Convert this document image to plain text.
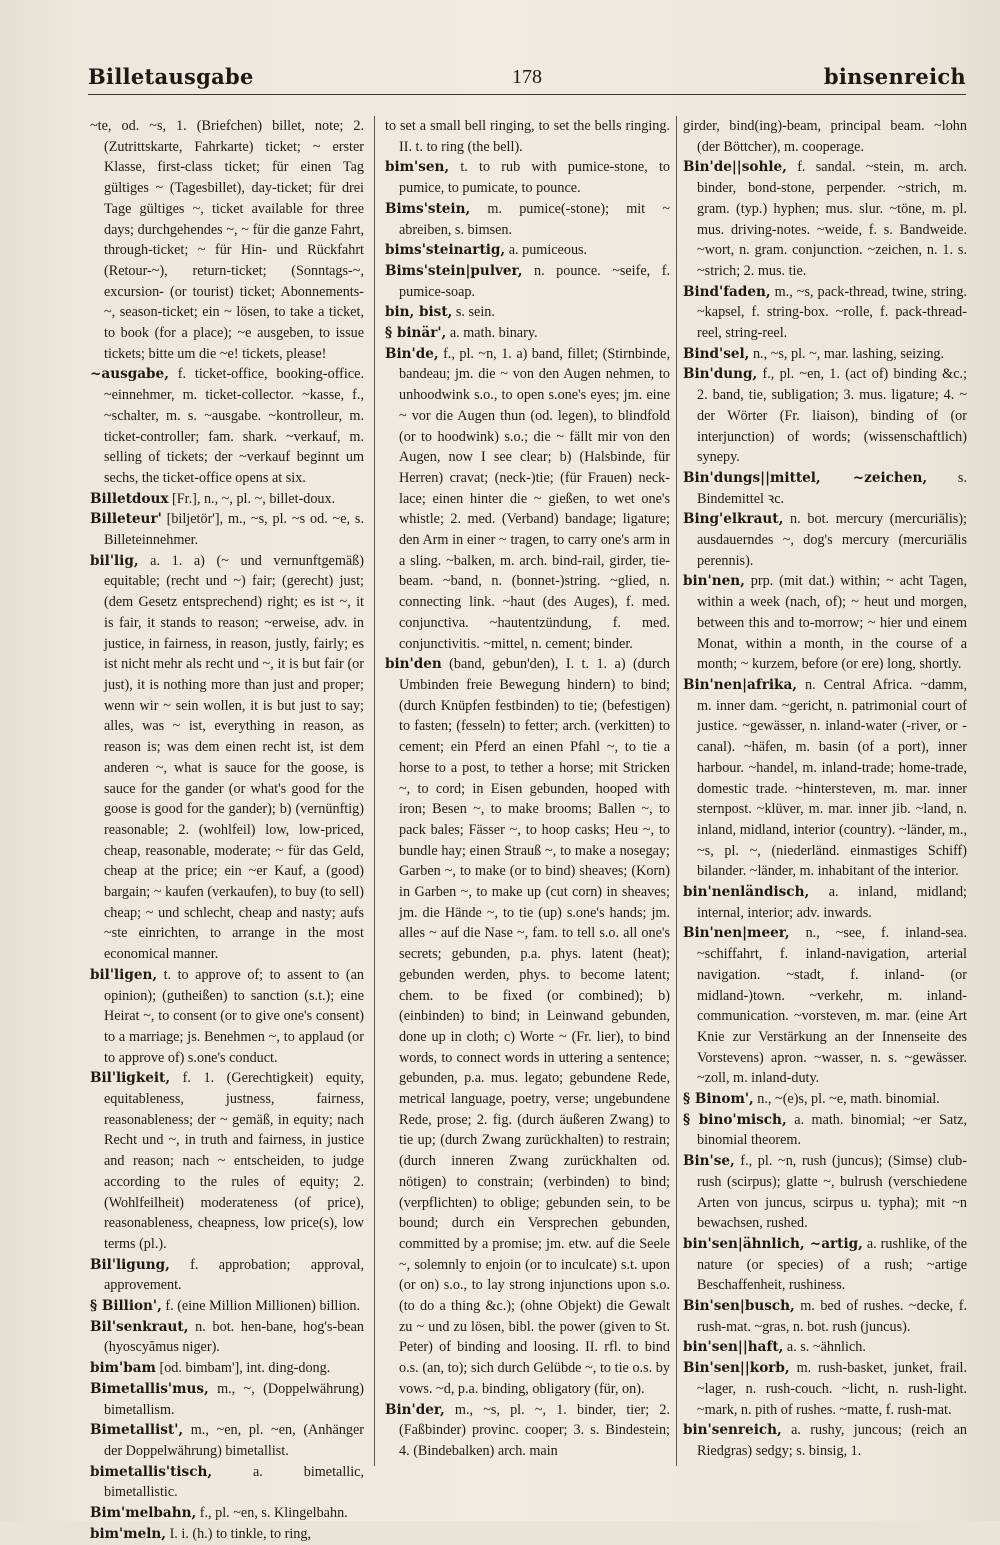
Billetausgabe	178	binsenreich

~te, od. ~s, 1. (Briefchen) billet, note; 2. (Zutrittskarte, Fahrkarte) ticket; ~ erster Klasse, first-class ticket; für einen Tag gültiges ~ (Tagesbillet), day-ticket; für drei Tage gültiges ~, ticket available for three days; durchgehendes ~, ~ für die ganze Fahrt, through-ticket; ~ für Hin- und Rückfahrt (Retour-~), return-ticket; (Sonntags-~, excursion- (or tourist) ticket; Abonnements-~, season-ticket; ein ~ lösen, to take a ticket, to book (for a place); ~e ausgeben, to issue tickets; bitte um die ~e! tickets, please!

~ausgabe, f. ticket-office, booking-office. ~einnehmer, m. ticket-collector. ~kasse, f., ~schalter, m. s. ~ausgabe. ~kontrolleur, m. ticket-controller; fam. shark. ~verkauf, m. selling of tickets; der ~verkauf beginnt um sechs, the ticket-office opens at six.

Billetdoux [Fr.], n., ~, pl. ~, billet-doux.

Billeteur' [biljetör'], m., ~s, pl. ~s od. ~e, s. Billeteinnehmer.

bil'lig, a. 1. a) (~ und vernunftgemäß) equitable; (recht und ~) fair; (gerecht) just; (dem Gesetz entsprechend) right; es ist ~, it is fair, it stands to reason; ~erweise, adv. in justice, in fairness, in reason, justly, fairly; es ist nicht mehr als recht und ~, it is but fair (or just), it is nothing more than just and proper; wenn wir ~ sein wollen, it is but just to say; alles, was ~ ist, everything in reason, as reason is; was dem einen recht ist, ist dem anderen ~, what is sauce for the goose, is sauce for the gander (or what's good for the goose is good for the gander); b) (vernünftig) reasonable; 2. (wohlfeil) low, low-priced, cheap, reasonable, moderate; ~ für das Geld, cheap at the price; ein ~er Kauf, a (good) bargain; ~ kaufen (verkaufen), to buy (to sell) cheap; ~ und schlecht, cheap and nasty; aufs ~ste einrichten, to arrange in the most economical manner.

bil'ligen, t. to approve of; to assent to (an opinion); (gutheißen) to sanction (s.t.); eine Heirat ~, to consent (or to give one's consent) to a marriage; js. Benehmen ~, to applaud (or to approve of) s.one's conduct.

Bil'ligkeit, f. 1. (Gerechtigkeit) equity, equitableness, justness, fairness, reasonableness; der ~ gemäß, in equity; nach Recht und ~, in truth and fairness, in justice and reason; nach ~ entscheiden, to judge according to the rules of equity; 2. (Wohlfeilheit) moderateness (of price), reasonableness, cheapness, low price(s), low terms (pl.).

Bil'ligung, f. approbation; approval, approvement.

§ Billion', f. (eine Million Millionen) billion.

Bil'senkraut, n. bot. hen-bane, hog's-bean (hyoscyămus niger).

bim'bam [od. bimbam'], int. ding-dong.

Bimetallis'mus, m., ~, (Doppelwährung) bimetallism.

Bimetallist', m., ~en, pl. ~en, (Anhänger der Doppelwährung) bimetallist.

bimetallis'tisch, a. bimetallic, bimetallistic.

Bim'melbahn, f., pl. ~en, s. Klingelbahn.

bim'meln, I. i. (h.) to tinkle, to ring,

to set a small bell ringing, to set the bells ringing. II. t. to ring (the bell).

bim'sen, t. to rub with pumice-stone, to pumice, to pumicate, to pounce.

Bims'stein, m. pumice(-stone); mit ~ abreiben, s. bimsen.

bims'steinartig, a. pumiceous.

Bims'stein|pulver, n. pounce. ~seife, f. pumice-soap.

bin, bist, s. sein.

§ binär', a. math. binary.

Bin'de, f., pl. ~n, 1. a) band, fillet; (Stirnbinde, bandeau; jm. die ~ von den Augen nehmen, to unhoodwink s.o., to open s.one's eyes; jm. eine ~ vor die Augen thun (od. legen), to blindfold (or to hoodwink) s.o.; die ~ fällt mir von den Augen, now I see clear; b) (Halsbinde, für Herren) cravat; (neck-)tie; (für Frauen) neck-lace; einen hinter die ~ gießen, to wet one's whistle; 2. med. (Verband) bandage; ligature; den Arm in einer ~ tragen, to carry one's arm in a sling. ~balken, m. arch. bind-rail, girder, tie-beam. ~band, n. (bonnet-)string. ~glied, n. connecting link. ~haut (des Auges), f. med. conjunctiva. ~hautentzündung, f. med. conjunctivitis. ~mittel, n. cement; binder.

bin'den (band, gebun'den), I. t. 1. a) (durch Umbinden freie Bewegung hindern) to bind; (durch Knüpfen festbinden) to tie; (befestigen) to fasten; (fesseln) to fetter; arch. (verkitten) to cement; ein Pferd an einen Pfahl ~, to tie a horse to a post, to tether a horse; mit Stricken ~, to cord; in Eisen gebunden, hooped with iron; Besen ~, to make brooms; Ballen ~, to pack bales; Fässer ~, to hoop casks; Heu ~, to bundle hay; einen Strauß ~, to make a nosegay; Garben ~, to make (or to bind) sheaves; (Korn) in Garben ~, to make up (cut corn) in sheaves; jm. die Hände ~, to tie (up) s.one's hands; jm. alles ~ auf die Nase ~, fam. to tell s.o. all one's secrets; gebunden, p.a. phys. latent (heat); gebunden werden, phys. to become latent; chem. to be fixed (or combined); b) (einbinden) to bind; in Leinwand gebunden, done up in cloth; c) Worte ~ (Fr. lier), to bind words, to connect words in uttering a sentence; gebunden, p.a. mus. legato; gebundene Rede, metrical language, poetry, verse; ungebundene Rede, prose; 2. fig. (durch äußeren Zwang) to tie up; (durch Zwang zurückhalten) to restrain; (durch inneren Zwang zurückhalten od. nötigen) to constrain; (verbinden) to bind; (verpflichten) to oblige; gebunden sein, to be bound; durch ein Versprechen gebunden, committed by a promise; jm. etw. auf die Seele ~, solemnly to enjoin (or to inculcate) s.t. upon (or on) s.o., to lay strong injunctions upon s.o. (to do a thing &c.); (ohne Objekt) die Gewalt zu ~ und zu lösen, bibl. the power (given to St. Peter) of binding and loosing. II. rfl. to bind o.s. (an, to); sich durch Gelübde ~, to tie o.s. by vows. ~d, p.a. binding, obligatory (für, on).

Bin'der, m., ~s, pl. ~, 1. binder, tier; 2. (Faßbinder) provinc. cooper; 3. s. Bindestein; 4. (Bindebalken) arch. main

girder, bind(ing)-beam, principal beam. ~lohn (der Böttcher), m. cooperage.

Bin'de||sohle, f. sandal. ~stein, m. arch. binder, bond-stone, perpender. ~strich, m. gram. (typ.) hyphen; mus. slur. ~töne, m. pl. mus. driving-notes. ~weide, f. s. Bandweide. ~wort, n. gram. conjunction. ~zeichen, n. 1. s. ~strich; 2. mus. tie.

Bind'faden, m., ~s, pack-thread, twine, string. ~kapsel, f. string-box. ~rolle, f. pack-thread-reel, string-reel.

Bind'sel, n., ~s, pl. ~, mar. lashing, seizing.

Bin'dung, f., pl. ~en, 1. (act of) binding &c.; 2. band, tie, subligation; 3. mus. ligature; 4. ~ der Wörter (Fr. liaison), binding of (or interjunction) of words; (wissenschaftlich) synepy.

Bin'dungs||mittel, ~zeichen, s. Bindemittel ꝛc.

Bing'elkraut, n. bot. mercury (mercuriālis); ausdauerndes ~, dog's mercury (mercuriālis perennis).

bin'nen, prp. (mit dat.) within; ~ acht Tagen, within a week (nach, of); ~ heut und morgen, between this and to-morrow; ~ hier und einem Monat, within a month, in the course of a month; ~ kurzem, before (or ere) long, shortly.

Bin'nen|afrika, n. Central Africa. ~damm, m. inner dam. ~gericht, n. patrimonial court of justice. ~gewässer, n. inland-water (-river, or -canal). ~häfen, m. basin (of a port), inner harbour. ~handel, m. inland-trade; home-trade, domestic trade. ~hintersteven, m. mar. inner sternpost. ~klüver, m. mar. inner jib. ~land, n. inland, midland, interior (country). ~länder, m., ~s, pl. ~, (niederländ. einmastiges Schiff) bilander. ~länder, m. inhabitant of the interior.

bin'nenländisch, a. inland, midland; internal, interior; adv. inwards.

Bin'nen|meer, n., ~see, f. inland-sea. ~schiffahrt, f. inland-navigation, arterial navigation. ~stadt, f. inland- (or midland-)town. ~verkehr, m. inland-communication. ~vorsteven, m. mar. (eine Art Knie zur Verstärkung an der Innenseite des Vorstevens) apron. ~wasser, n. s. ~gewässer. ~zoll, m. inland-duty.

§ Binom', n., ~(e)s, pl. ~e, math. binomial.

§ bino'misch, a. math. binomial; ~er Satz, binomial theorem.

Bin'se, f., pl. ~n, rush (juncus); (Simse) club-rush (scirpus); glatte ~, bulrush (verschiedene Arten von juncus, scirpus u. typha); mit ~n bewachsen, rushed.

bin'sen|ähnlich, ~artig, a. rushlike, of the nature (or species) of a rush; ~artige Beschaffenheit, rushiness.

Bin'sen|busch, m. bed of rushes. ~decke, f. rush-mat. ~gras, n. bot. rush (juncus).

bin'sen||haft, a. s. ~ähnlich.

Bin'sen||korb, m. rush-basket, junket, frail. ~lager, n. rush-couch. ~licht, n. rush-light. ~mark, n. pith of rushes. ~matte, f. rush-mat.

bin'senreich, a. rushy, juncous; (reich an Riedgras) sedgy; s. binsig, 1.
